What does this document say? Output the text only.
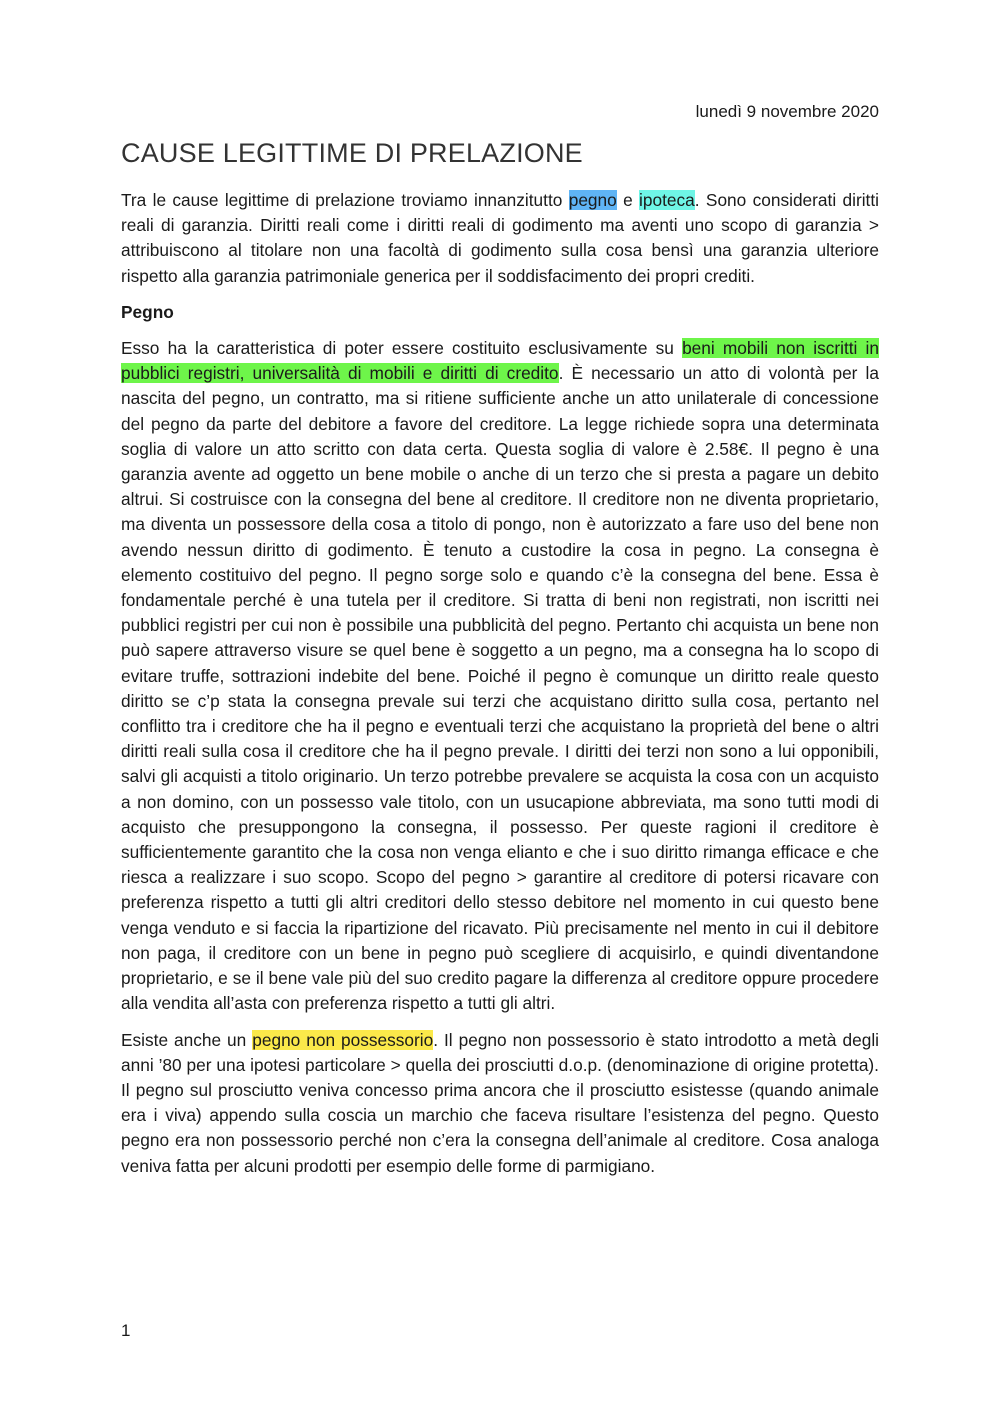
lunedì 9 novembre 2020
CAUSE LEGITTIME DI PRELAZIONE

Tra le cause legittime di prelazione troviamo innanzitutto pegno e ipoteca. Sono considerati diritti reali di garanzia. Diritti reali come i diritti reali di godimento ma aventi uno scopo di garanzia > attribuiscono al titolare non una facoltà di godimento sulla cosa bensì una garanzia ulteriore rispetto alla garanzia patrimoniale generica per il soddisfacimento dei propri crediti.

Pegno

Esso ha la caratteristica di poter essere costituito esclusivamente su beni mobili non iscritti in pubblici registri, universalità di mobili e diritti di credito. È necessario un atto di volontà per la nascita del pegno, un contratto, ma si ritiene sufficiente anche un atto unilaterale di concessione del pegno da parte del debitore a favore del creditore. La legge richiede sopra una determinata soglia di valore un atto scritto con data certa. Questa soglia di valore è 2.58€. Il pegno è una garanzia avente ad oggetto un bene mobile o anche di un terzo che si presta a pagare un debito altrui. Si costruisce con la consegna del bene al creditore. Il creditore non ne diventa proprietario, ma diventa un possessore della cosa a titolo di pongo, non è autorizzato a fare uso del bene non avendo nessun diritto di godimento. È tenuto a custodire la cosa in pegno. La consegna è elemento costituivo del pegno. Il pegno sorge solo e quando c’è la consegna del bene. Essa è fondamentale perché è una tutela per il creditore. Si tratta di beni non registrati, non iscritti nei pubblici registri per cui non è possibile una pubblicità del pegno. Pertanto chi acquista un bene non può sapere attraverso visure se quel bene è soggetto a un pegno, ma a consegna ha lo scopo di evitare truffe, sottrazioni indebite del bene. Poiché il pegno è comunque un diritto reale questo diritto se c’p stata la consegna prevale sui terzi che acquistano diritto sulla cosa, pertanto nel conflitto tra i creditore che ha il pegno e eventuali terzi che acquistano la proprietà del bene o altri diritti reali sulla cosa il creditore che ha il pegno prevale. I diritti dei terzi non sono a lui opponibili, salvi gli acquisti a titolo originario. Un terzo potrebbe prevalere se acquista la cosa con un acquisto a non domino, con un possesso vale titolo, con un usucapione abbreviata, ma sono tutti modi di acquisto che presuppongono la consegna, il possesso. Per queste ragioni il creditore è sufficientemente garantito che la cosa non venga elianto e che i suo diritto rimanga efficace e che riesca a realizzare i suo scopo. Scopo del pegno > garantire al creditore di potersi ricavare con preferenza rispetto a tutti gli altri creditori dello stesso debitore nel momento in cui questo bene venga venduto e si faccia la ripartizione del ricavato. Più precisamente nel mento in cui il debitore non paga, il creditore con un bene in pegno può scegliere di acquisirlo, e quindi diventandone proprietario, e se il bene vale più del suo credito pagare la differenza al creditore oppure procedere alla vendita all’asta con preferenza rispetto a tutti gli altri.

Esiste anche un pegno non possessorio. Il pegno non possessorio è stato introdotto a metà degli anni ’80 per una ipotesi particolare > quella dei prosciutti d.o.p. (denominazione di origine protetta). Il pegno sul prosciutto veniva concesso prima ancora che il prosciutto esistesse (quando animale era i viva) appendo sulla coscia un marchio che faceva risultare l’esistenza del pegno. Questo pegno era non possessorio perché non c’era la consegna dell’animale al creditore. Cosa analoga veniva fatta per alcuni prodotti per esempio delle forme di parmigiano.

1
